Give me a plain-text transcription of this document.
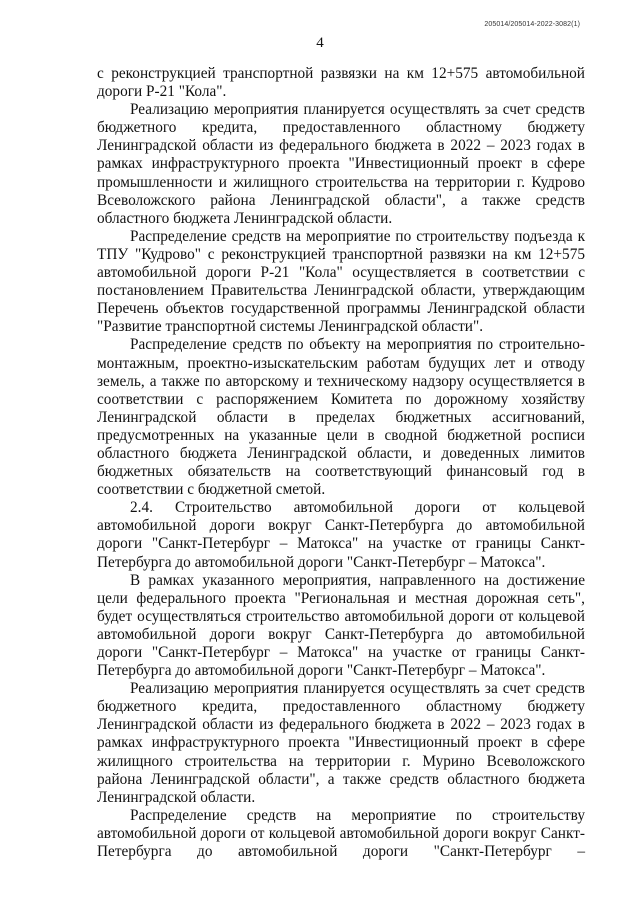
205014/205014-2022-3082(1)
4

с реконструкцией транспортной развязки на км 12+575 автомобильной дороги Р-21 "Кола".

Реализацию мероприятия планируется осуществлять за счет средств бюджетного кредита, предоставленного областному бюджету Ленинградской области из федерального бюджета в 2022 – 2023 годах в рамках инфраструктурного проекта "Инвестиционный проект в сфере промышленности и жилищного строительства на территории г. Кудрово Всеволожского района Ленинградской области", а также средств областного бюджета Ленинградской области.

Распределение средств на мероприятие по строительству подъезда к ТПУ "Кудрово" с реконструкцией транспортной развязки на км 12+575 автомобильной дороги Р-21 "Кола" осуществляется в соответствии с постановлением Правительства Ленинградской области, утверждающим Перечень объектов государственной программы Ленинградской области "Развитие транспортной системы Ленинградской области".

Распределение средств по объекту на мероприятия по строительно-монтажным, проектно-изыскательским работам будущих лет и отводу земель, а также по авторскому и техническому надзору осуществляется в соответствии с распоряжением Комитета по дорожному хозяйству Ленинградской области в пределах бюджетных ассигнований, предусмотренных на указанные цели в сводной бюджетной росписи областного бюджета Ленинградской области, и доведенных лимитов бюджетных обязательств на соответствующий финансовый год в соответствии с бюджетной сметой.

2.4. Строительство автомобильной дороги от кольцевой автомобильной дороги вокруг Санкт-Петербурга до автомобильной дороги "Санкт-Петербург – Матокса" на участке от границы Санкт-Петербурга до автомобильной дороги "Санкт-Петербург – Матокса".

В рамках указанного мероприятия, направленного на достижение цели федерального проекта "Региональная и местная дорожная сеть", будет осуществляться строительство автомобильной дороги от кольцевой автомобильной дороги вокруг Санкт-Петербурга до автомобильной дороги "Санкт-Петербург – Матокса" на участке от границы Санкт-Петербурга до автомобильной дороги "Санкт-Петербург – Матокса".

Реализацию мероприятия планируется осуществлять за счет средств бюджетного кредита, предоставленного областному бюджету Ленинградской области из федерального бюджета в 2022 – 2023 годах в рамках инфраструктурного проекта "Инвестиционный проект в сфере жилищного строительства на территории г. Мурино Всеволожского района Ленинградской области", а также средств областного бюджета Ленинградской области.

Распределение средств на мероприятие по строительству автомобильной дороги от кольцевой автомобильной дороги вокруг Санкт-Петербурга до автомобильной дороги "Санкт-Петербург –
